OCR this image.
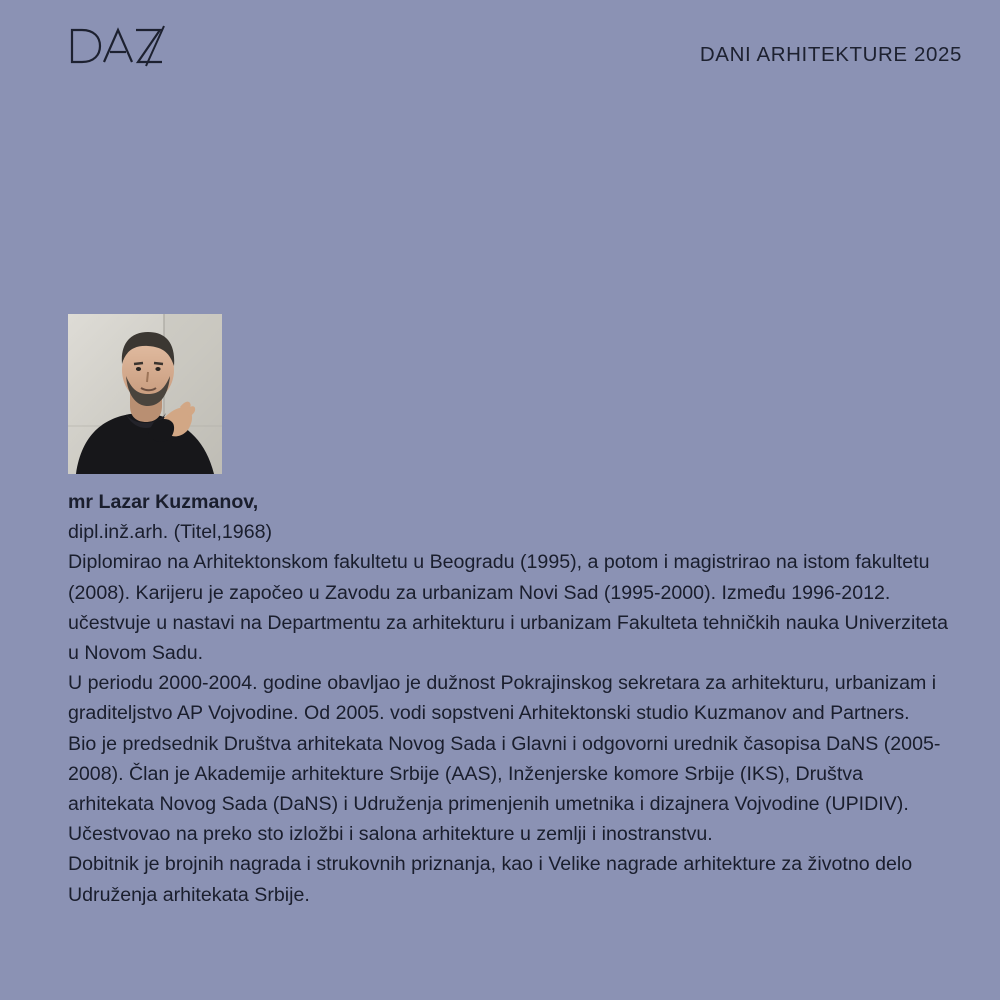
DANI ARHITEKTURE 2025
mr Lazar Kuzmanov,
dipl.inž.arh. (Titel,1968)

Diplomirao na Arhitektonskom fakultetu u Beogradu (1995), a potom i magistrirao na istom fakultetu (2008). Karijeru je započeo u Zavodu za urbanizam Novi Sad (1995-2000). Između 1996-2012. učestvuje u nastavi na Departmentu za arhitekturu i urbanizam Fakulteta tehničkih nauka Univerziteta u Novom Sadu.

U periodu 2000-2004. godine obavljao je dužnost Pokrajinskog sekretara za arhitekturu, urbanizam i graditeljstvo AP Vojvodine. Od 2005. vodi sopstveni Arhitektonski studio Kuzmanov and Partners.

Bio je predsednik Društva arhitekata Novog Sada i Glavni i odgovorni urednik časopisa DaNS (2005-2008). Član je Akademije arhitekture Srbije (AAS), Inženjerske komore Srbije (IKS), Društva arhitekata Novog Sada (DaNS) i Udruženja primenjenih umetnika i dizajnera Vojvodine (UPIDIV).

Učestvovao na preko sto izložbi i salona arhitekture u zemlji i inostranstvu.

Dobitnik je brojnih nagrada i strukovnih priznanja, kao i Velike nagrade arhitekture za životno delo Udruženja arhitekata Srbije.
